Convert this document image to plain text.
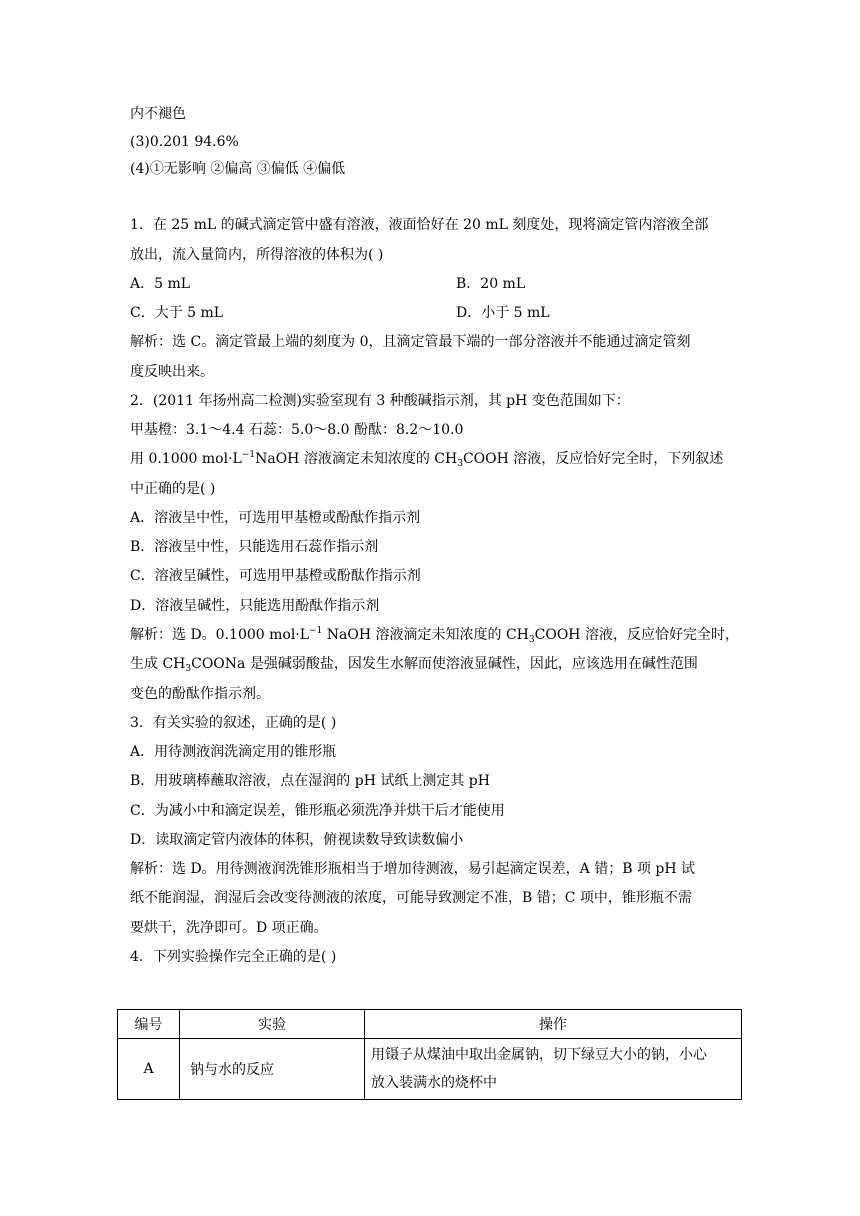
内不褪色
(3)0.201 94.6%
(4)①无影响 ②偏高 ③偏低 ④偏低
1．在 25 mL 的碱式滴定管中盛有溶液，液面恰好在 20 mL 刻度处，现将滴定管内溶液全部
放出，流入量筒内，所得溶液的体积为( )
A．5 mL	B．20 mL
C．大于 5 mL	D．小于 5 mL
解析：选 C。滴定管最上端的刻度为 0，且滴定管最下端的一部分溶液并不能通过滴定管刻
度反映出来。
2．(2011 年扬州高二检测)实验室现有 3 种酸碱指示剂，其 pH 变色范围如下：
甲基橙：3.1～4.4 石蕊：5.0～8.0 酚酞：8.2～10.0
用 0.1000 $mol\cdot L^{-1}NaOH$ 溶液滴定未知浓度的 $CH_3COOH$ 溶液，反应恰好完全时，下列叙述
中正确的是( )
A．溶液呈中性，可选用甲基橙或酚酞作指示剂
B．溶液呈中性，只能选用石蕊作指示剂
C．溶液呈碱性，可选用甲基橙或酚酞作指示剂
D．溶液呈碱性，只能选用酚酞作指示剂
解析：选 D。0.1000 $mol\cdot L^{-1}$ NaOH 溶液滴定未知浓度的 $CH_3COOH$ 溶液，反应恰好完全时，
生成 $CH_3COONa$ 是强碱弱酸盐，因发生水解而使溶液显碱性，因此，应该选用在碱性范围
变色的酚酞作指示剂。
3．有关实验的叙述，正确的是( )
A．用待测液润洗滴定用的锥形瓶
B．用玻璃棒蘸取溶液，点在湿润的 pH 试纸上测定其 pH
C．为减小中和滴定误差，锥形瓶必须洗净并烘干后才能使用
D．读取滴定管内液体的体积，俯视读数导致读数偏小
解析：选 D。用待测液润洗锥形瓶相当于增加待测液，易引起滴定误差，A 错；B 项 pH 试
纸不能润湿，润湿后会改变待测液的浓度，可能导致测定不准，B 错；C 项中，锥形瓶不需
要烘干，洗净即可。D 项正确。
4．下列实验操作完全正确的是( )
编号	实验	操作
A	钠与水的反应	用镊子从煤油中取出金属钠，切下绿豆大小的钠，小心
放入装满水的烧杯中
